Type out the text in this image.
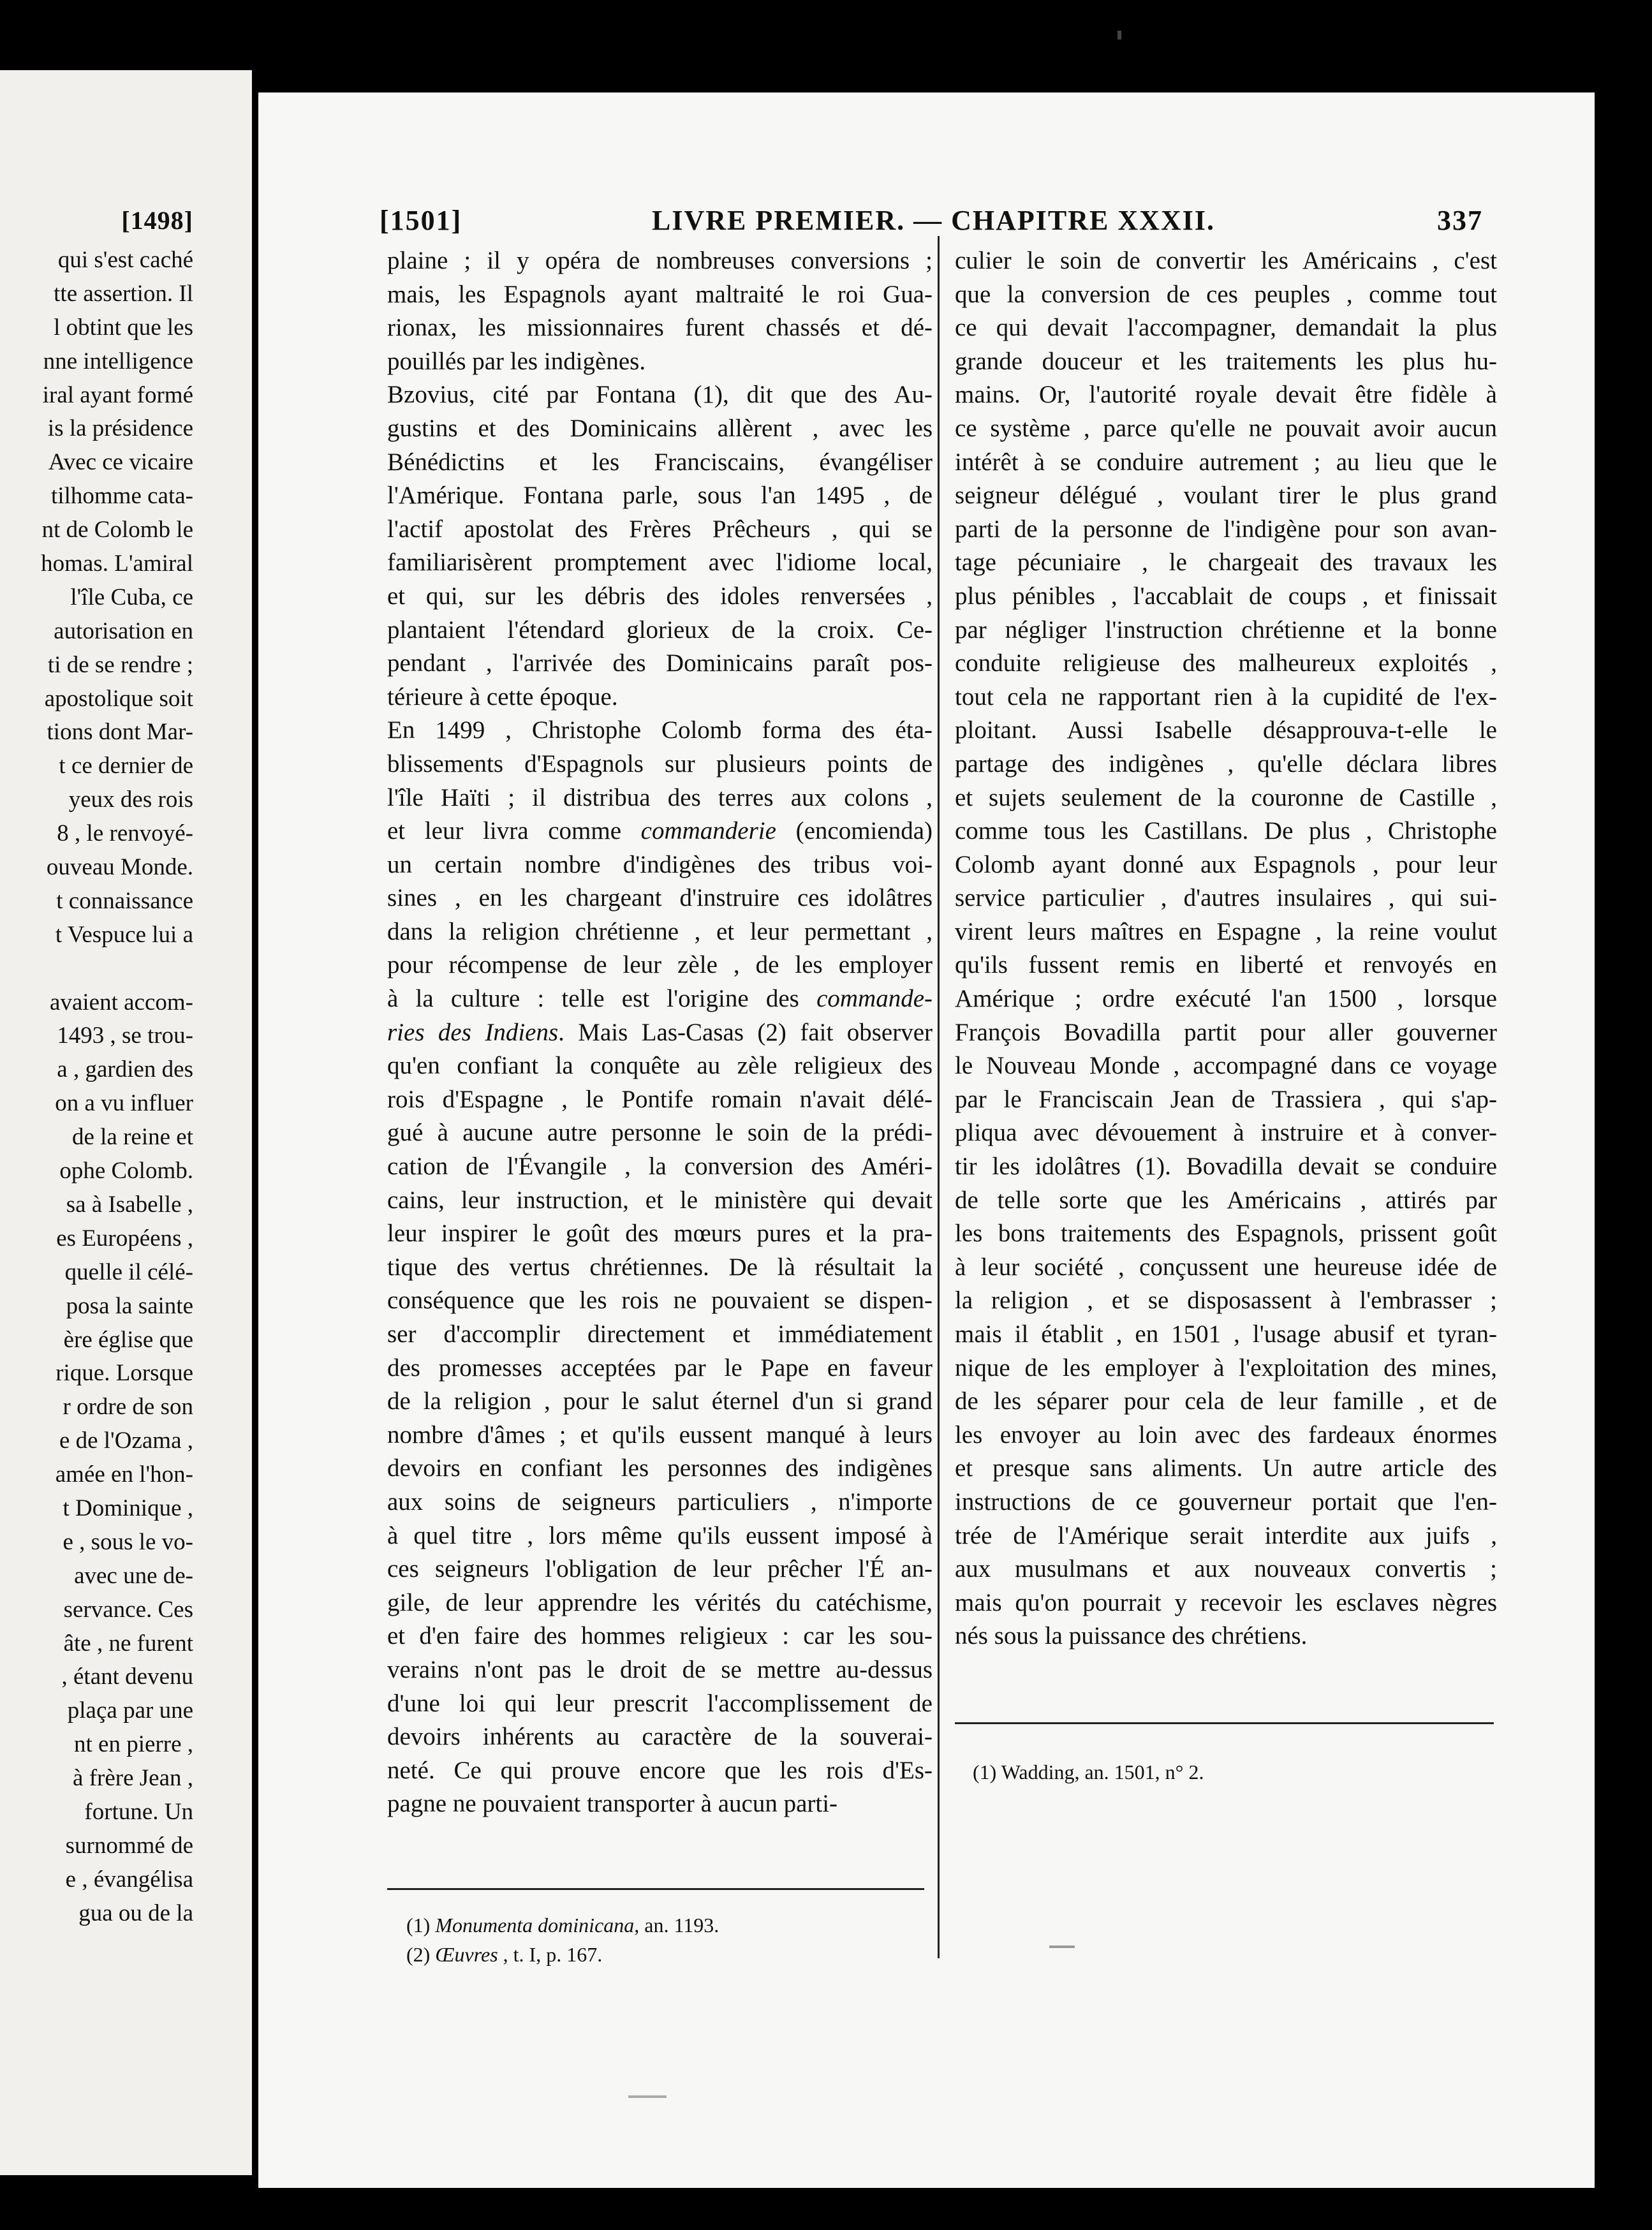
[1498]
qui s'est caché
tte assertion. Il
l obtint que les
nne intelligence
iral ayant formé
is la présidence
Avec ce vicaire
tilhomme cata-
nt de Colomb le
homas. L'amiral
l'île Cuba, ce
autorisation en
ti de se rendre ;
apostolique soit
tions dont Mar-
t ce dernier de
yeux des rois
8 , le renvoyé-
ouveau Monde.
t connaissance
t Vespuce lui a
avaient accom-
1493 , se trou-
a , gardien des
on a vu influer
de la reine et
ophe Colomb.
sa à Isabelle ,
es Européens ,
quelle il célé-
posa la sainte
ère église que
rique. Lorsque
r ordre de son
e de l'Ozama ,
amée en l'hon-
t Dominique ,
e , sous le vo-
avec une de-
servance. Ces
âte , ne furent
, étant devenu
plaça par une
nt en pierre ,
à frère Jean ,
fortune. Un
surnommé de
e , évangélisa
gua ou de la
[1501]	LIVRE PREMIER. — CHAPITRE XXXII.	337
plaine ; il y opéra de nombreuses conversions ;
mais, les Espagnols ayant maltraité le roi Gua-
rionax, les missionnaires furent chassés et dé-
pouillés par les indigènes.
Bzovius, cité par Fontana (1), dit que des Au-
gustins et des Dominicains allèrent , avec les
Bénédictins et les Franciscains, évangéliser
l'Amérique. Fontana parle, sous l'an 1495 , de
l'actif apostolat des Frères Prêcheurs , qui se
familiarisèrent promptement avec l'idiome local,
et qui, sur les débris des idoles renversées ,
plantaient l'étendard glorieux de la croix. Ce-
pendant , l'arrivée des Dominicains paraît pos-
térieure à cette époque.
En 1499 , Christophe Colomb forma des éta-
blissements d'Espagnols sur plusieurs points de
l'île Haïti ; il distribua des terres aux colons ,
et leur livra comme commanderie (encomienda)
un certain nombre d'indigènes des tribus voi-
sines , en les chargeant d'instruire ces idolâtres
dans la religion chrétienne , et leur permettant ,
pour récompense de leur zèle , de les employer
à la culture : telle est l'origine des commande-
ries des Indiens. Mais Las-Casas (2) fait observer
qu'en confiant la conquête au zèle religieux des
rois d'Espagne , le Pontife romain n'avait délé-
gué à aucune autre personne le soin de la prédi-
cation de l'Évangile , la conversion des Améri-
cains, leur instruction, et le ministère qui devait
leur inspirer le goût des mœurs pures et la pra-
tique des vertus chrétiennes. De là résultait la
conséquence que les rois ne pouvaient se dispen-
ser d'accomplir directement et immédiatement
des promesses acceptées par le Pape en faveur
de la religion , pour le salut éternel d'un si grand
nombre d'âmes ; et qu'ils eussent manqué à leurs
devoirs en confiant les personnes des indigènes
aux soins de seigneurs particuliers , n'importe
à quel titre , lors même qu'ils eussent imposé à
ces seigneurs l'obligation de leur prêcher l'É an-
gile, de leur apprendre les vérités du catéchisme,
et d'en faire des hommes religieux : car les sou-
verains n'ont pas le droit de se mettre au-dessus
d'une loi qui leur prescrit l'accomplissement de
devoirs inhérents au caractère de la souverai-
neté. Ce qui prouve encore que les rois d'Es-
pagne ne pouvaient transporter à aucun parti-
culier le soin de convertir les Américains , c'est
que la conversion de ces peuples , comme tout
ce qui devait l'accompagner, demandait la plus
grande douceur et les traitements les plus hu-
mains. Or, l'autorité royale devait être fidèle à
ce système , parce qu'elle ne pouvait avoir aucun
intérêt à se conduire autrement ; au lieu que le
seigneur délégué , voulant tirer le plus grand
parti de la personne de l'indigène pour son avan-
tage pécuniaire , le chargeait des travaux les
plus pénibles , l'accablait de coups , et finissait
par négliger l'instruction chrétienne et la bonne
conduite religieuse des malheureux exploités ,
tout cela ne rapportant rien à la cupidité de l'ex-
ploitant. Aussi Isabelle désapprouva-t-elle le
partage des indigènes , qu'elle déclara libres
et sujets seulement de la couronne de Castille ,
comme tous les Castillans. De plus , Christophe
Colomb ayant donné aux Espagnols , pour leur
service particulier , d'autres insulaires , qui sui-
virent leurs maîtres en Espagne , la reine voulut
qu'ils fussent remis en liberté et renvoyés en
Amérique ; ordre exécuté l'an 1500 , lorsque
François Bovadilla partit pour aller gouverner
le Nouveau Monde , accompagné dans ce voyage
par le Franciscain Jean de Trassiera , qui s'ap-
pliqua avec dévouement à instruire et à conver-
tir les idolâtres (1). Bovadilla devait se conduire
de telle sorte que les Américains , attirés par
les bons traitements des Espagnols, prissent goût
à leur société , conçussent une heureuse idée de
la religion , et se disposassent à l'embrasser ;
mais il établit , en 1501 , l'usage abusif et tyran-
nique de les employer à l'exploitation des mines,
de les séparer pour cela de leur famille , et de
les envoyer au loin avec des fardeaux énormes
et presque sans aliments. Un autre article des
instructions de ce gouverneur portait que l'en-
trée de l'Amérique serait interdite aux juifs ,
aux musulmans et aux nouveaux convertis ;
mais qu'on pourrait y recevoir les esclaves nègres
nés sous la puissance des chrétiens.
(1) Monumenta dominicana, an. 1193.
(2) Œuvres , t. I, p. 167.
(1) Wadding, an. 1501, n° 2.
